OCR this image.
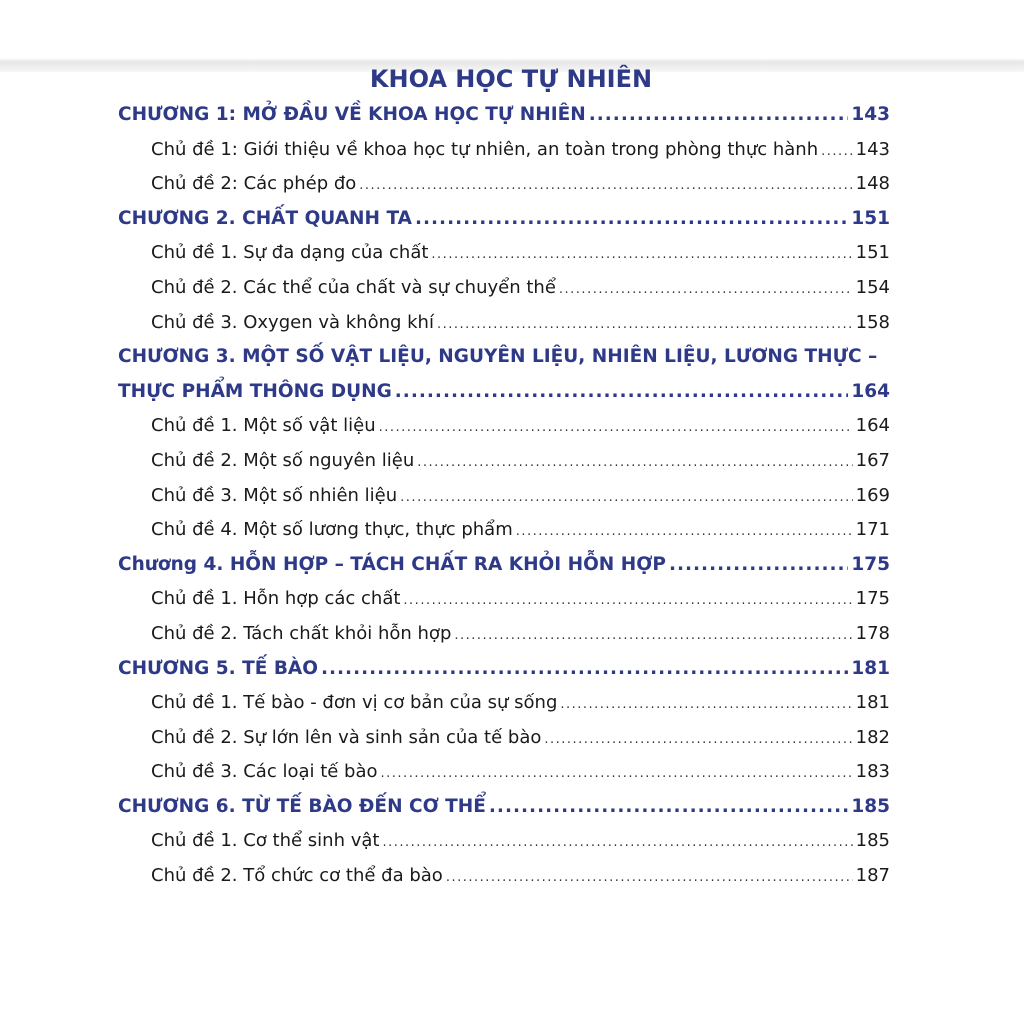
KHOA HỌC TỰ NHIÊN
CHƯƠNG 1: MỞ ĐẦU VỀ KHOA HỌC TỰ NHIÊN .....	143
Chủ đề 1: Giới thiệu về khoa học tự nhiên, an toàn trong phòng thực hành ..... 143
Chủ đề 2: Các phép đo .....	148
CHƯƠNG 2. CHẤT QUANH TA .....	151
Chủ đề 1. Sự đa dạng của chất .....	151
Chủ đề 2. Các thể của chất và sự chuyển thể .....	154
Chủ đề 3. Oxygen và không khí .....	158
CHƯƠNG 3. MỘT SỐ VẬT LIỆU, NGUYÊN LIỆU, NHIÊN LIỆU, LƯƠNG THỰC –
THỰC PHẨM THÔNG DỤNG .....	164
Chủ đề 1. Một số vật liệu .....	164
Chủ đề 2. Một số nguyên liệu .....	167
Chủ đề 3. Một số nhiên liệu .....	169
Chủ đề 4. Một số lương thực, thực phẩm .....	171
Chương 4. HỖN HỢP – TÁCH CHẤT RA KHỎI HỖN HỢP .....	175
Chủ đề 1. Hỗn hợp các chất .....	175
Chủ đề 2. Tách chất khỏi hỗn hợp .....	178
CHƯƠNG 5. TẾ BÀO .....	181
Chủ đề 1. Tế bào - đơn vị cơ bản của sự sống .....	181
Chủ đề 2. Sự lớn lên và sinh sản của tế bào .....	182
Chủ đề 3. Các loại tế bào .....	183
CHƯƠNG 6. TỪ TẾ BÀO ĐẾN CƠ THỂ .....	185
Chủ đề 1. Cơ thể sinh vật .....	185
Chủ đề 2. Tổ chức cơ thể đa bào .....	187
